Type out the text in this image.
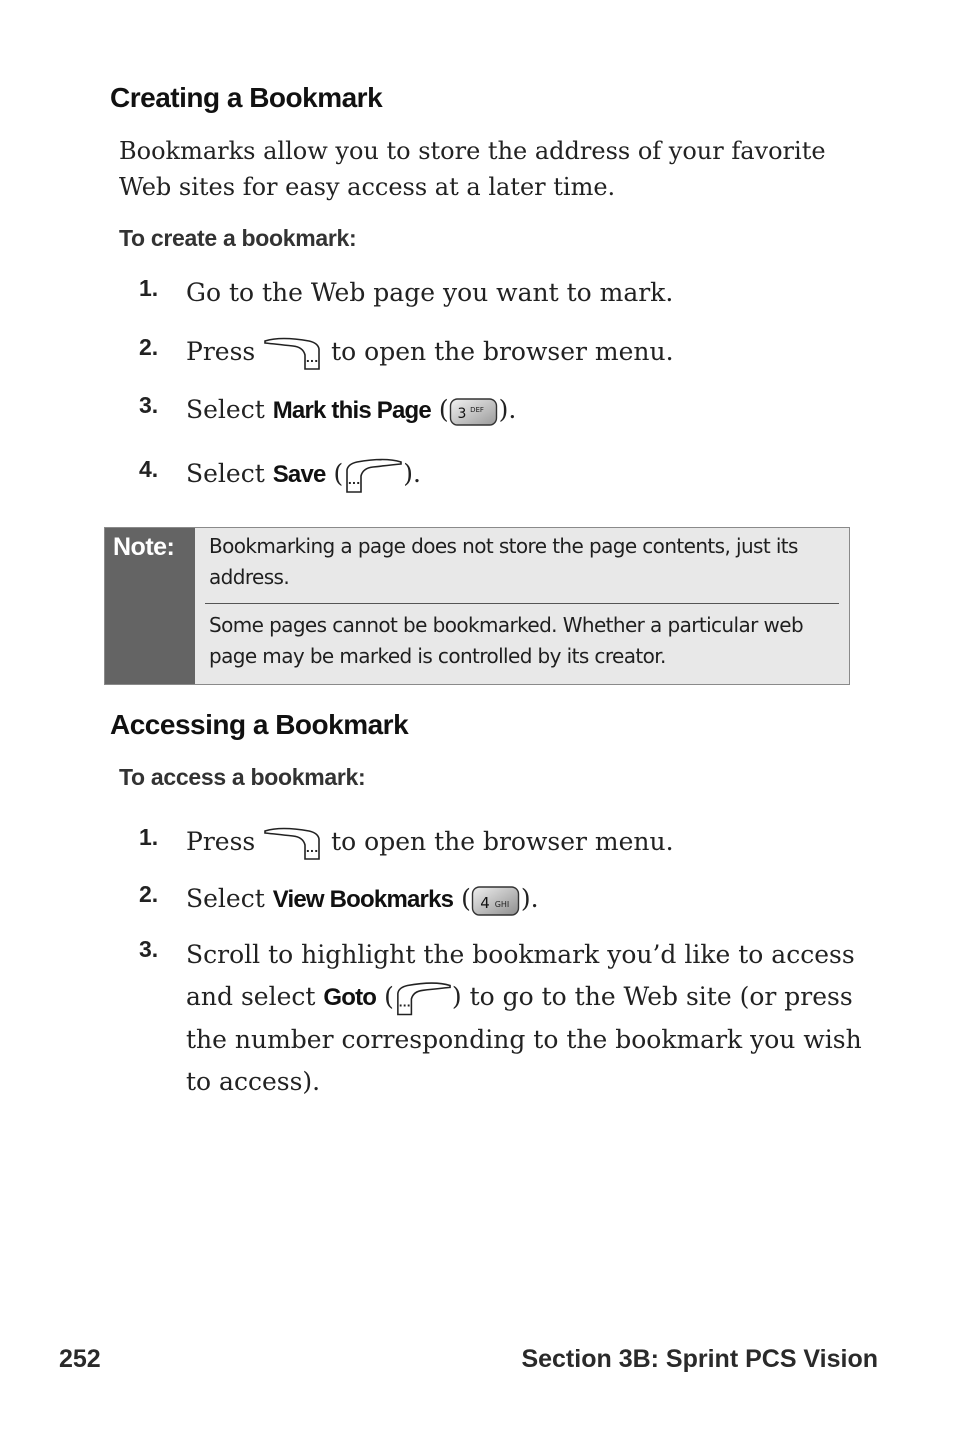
Creating a Bookmark

Bookmarks allow you to store the address of your favorite Web sites for easy access at a later time.

To create a bookmark:

1. Go to the Web page you want to mark.
2. Press	... to open the browser menu.
3. Select Mark this Page ( 3 DEF ).
4. Select Save ( ... ).
Note: Bookmarking a page does not store the page contents, just its address.

Some pages cannot be bookmarked. Whether a particular web page may be marked is controlled by its creator.

Accessing a Bookmark

To access a bookmark:

1. Press	... to open the browser menu.
2. Select View Bookmarks ( 4 GHI ).
3. Scroll to highlight the bookmark you’d like to access and select Goto ( ... ) to go to the Web site (or press the number corresponding to the bookmark you wish to access).
252	Section 3B: Sprint PCS Vision
